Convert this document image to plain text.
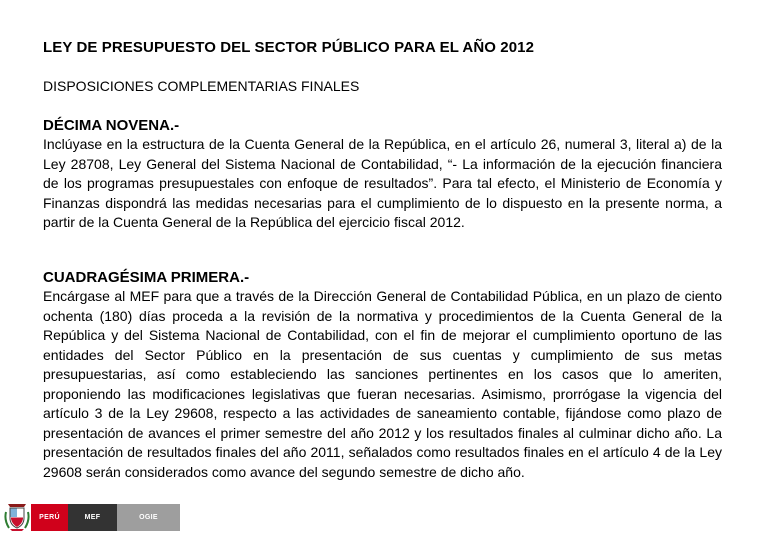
LEY DE PRESUPUESTO DEL SECTOR PÚBLICO PARA EL AÑO 2012
DISPOSICIONES COMPLEMENTARIAS FINALES
DÉCIMA NOVENA.-
Inclúyase en la estructura de la Cuenta General de la República, en el artículo 26, numeral 3, literal a) de la Ley 28708, Ley General del Sistema Nacional de Contabilidad, “- La información de la ejecución financiera de los programas presupuestales con enfoque de resultados”. Para tal efecto, el Ministerio de Economía y Finanzas dispondrá las medidas necesarias para el cumplimiento de lo dispuesto en la presente norma, a partir de la Cuenta General de la República del ejercicio fiscal 2012.
CUADRAGÉSIMA PRIMERA.-
Encárgase al MEF para que a través de la Dirección General de Contabilidad Pública, en un plazo de ciento ochenta (180) días proceda a la revisión de la normativa y procedimientos de la Cuenta General de la República y del Sistema Nacional de Contabilidad, con el fin de mejorar el cumplimiento oportuno de las entidades del Sector Público en la presentación de sus cuentas y cumplimiento de sus metas presupuestarias, así como estableciendo las sanciones pertinentes en los casos que lo ameriten, proponiendo las modificaciones legislativas que fueran necesarias. Asimismo, prorrógase la vigencia del artículo 3 de la Ley 29608, respecto a las actividades de saneamiento contable, fijándose como plazo de presentación de avances el primer semestre del año 2012 y los resultados finales al culminar dicho año. La presentación de resultados finales del año 2011, señalados como resultados finales en el artículo 4 de la Ley 29608 serán considerados como avance del segundo semestre de dicho año.
PERÚ	MEF	OGIE
